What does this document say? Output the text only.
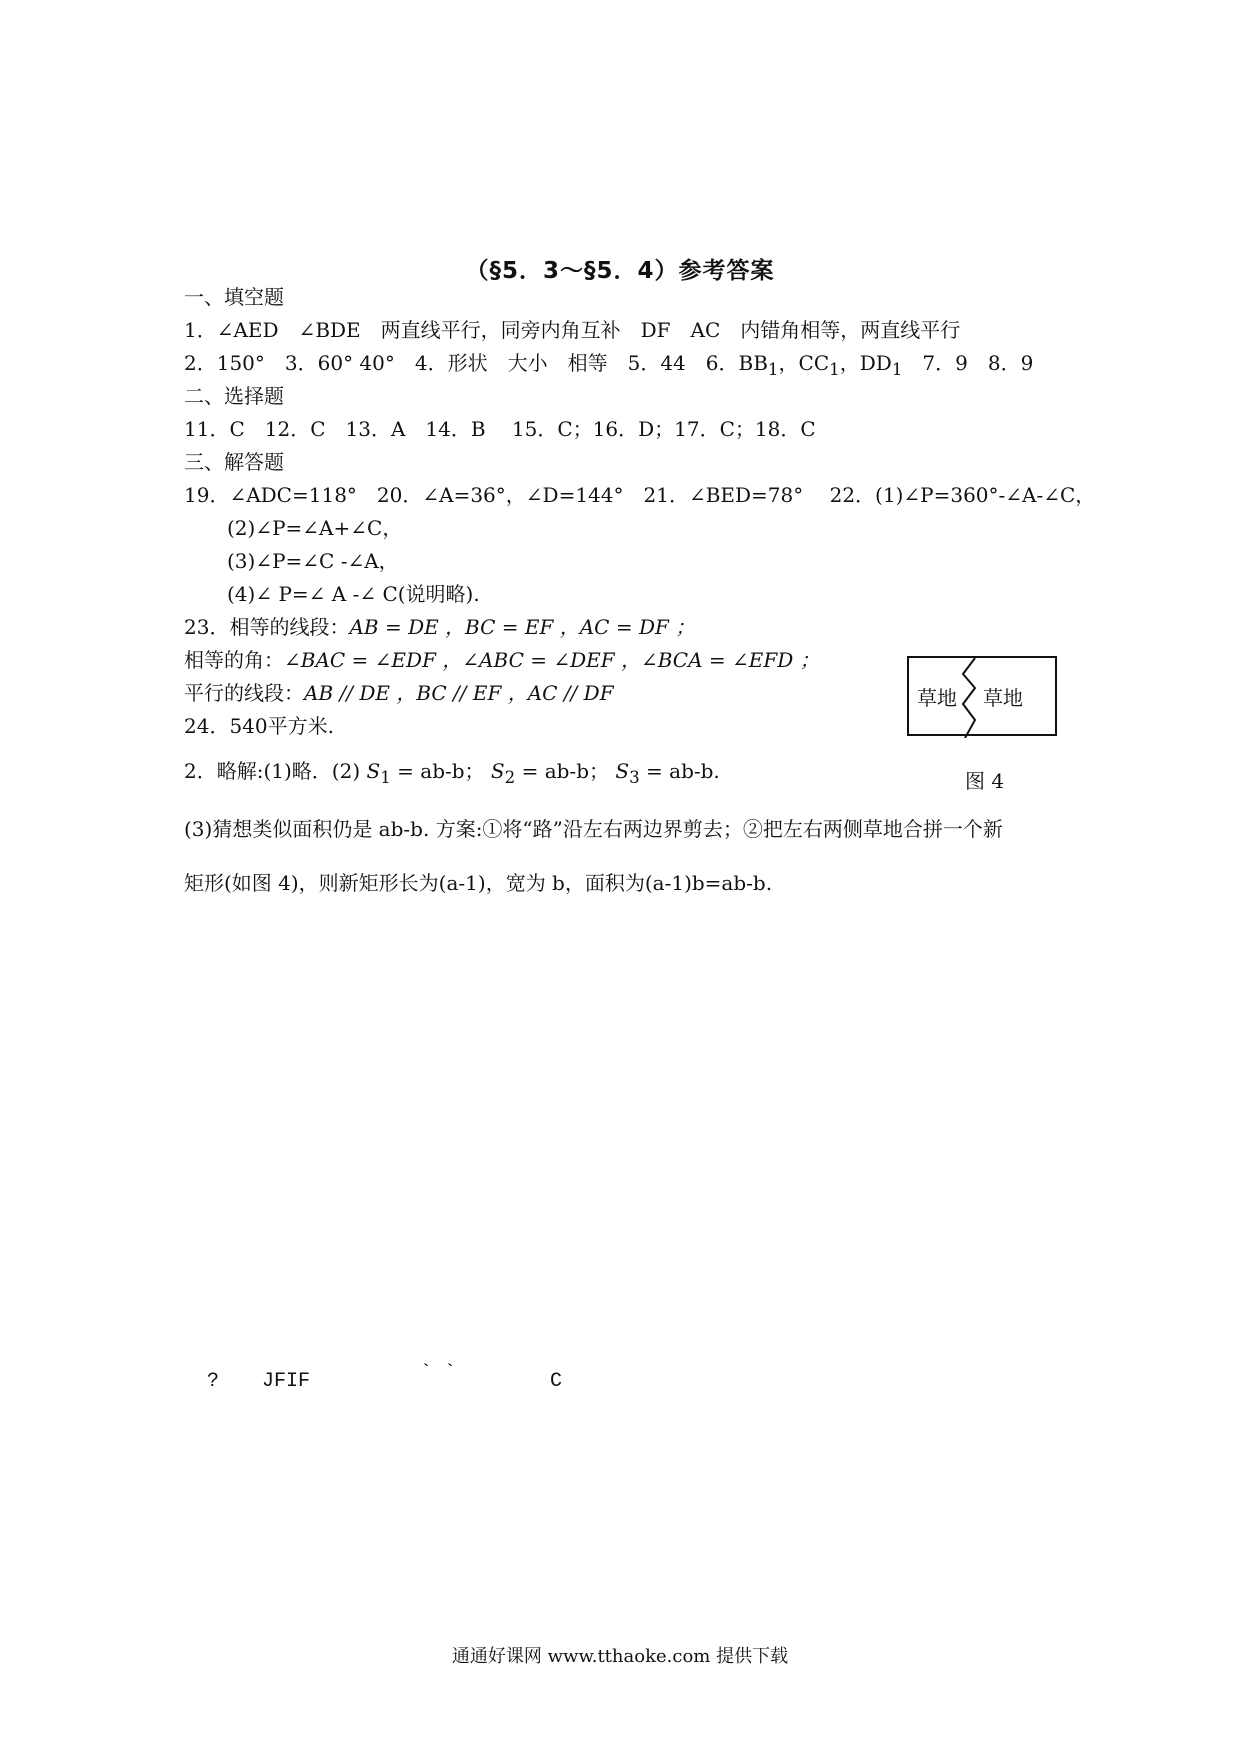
（§5．3～§5．4）参考答案
一、填空题
1．∠AED　∠BDE　两直线平行，同旁内角互补　DF　AC　内错角相等，两直线平行
2．150°　3．60° 40°　4．形状　大小　相等　5．44　6．$BB_1$，$CC_1$，$DD_1$　7．9　8．9
二、选择题
11．C　12．C　13．A　14．B　 15．C；16．D；17．C；18．C
三、解答题
19．∠ADC=118°　20．∠A=36°，∠D=144°　21．∠BED=78°　 22．(1)∠P=360°-∠A-∠C，
(2)∠P=∠A+∠C，
(3)∠P=∠C -∠A，
(4)∠ P=∠ A -∠ C(说明略).
23．相等的线段：AB = DE ，BC = EF ，AC = DF ；
相等的角：∠BAC = ∠EDF ，∠ABC = ∠DEF ，∠BCA = ∠EFD ；
平行的线段：AB // DE ，BC // EF ，AC // DF
24．540平方米.
2．略解:(1)略．(2) $S_1 = ab-b$； $S_2 = ab-b$； $S_3 = ab-b$.
(3)猜想类似面积仍是 ab-b. 方案:①将“路”沿左右两边界剪去；②把左右两侧草地合拼一个新
矩形(如图 4)，则新矩形长为(a-1)，宽为 b，面积为(a-1)b=ab-b.
草地 草地
图 4
? JFIF	` `	C
通通好课网 www.tthaoke.com 提供下载
